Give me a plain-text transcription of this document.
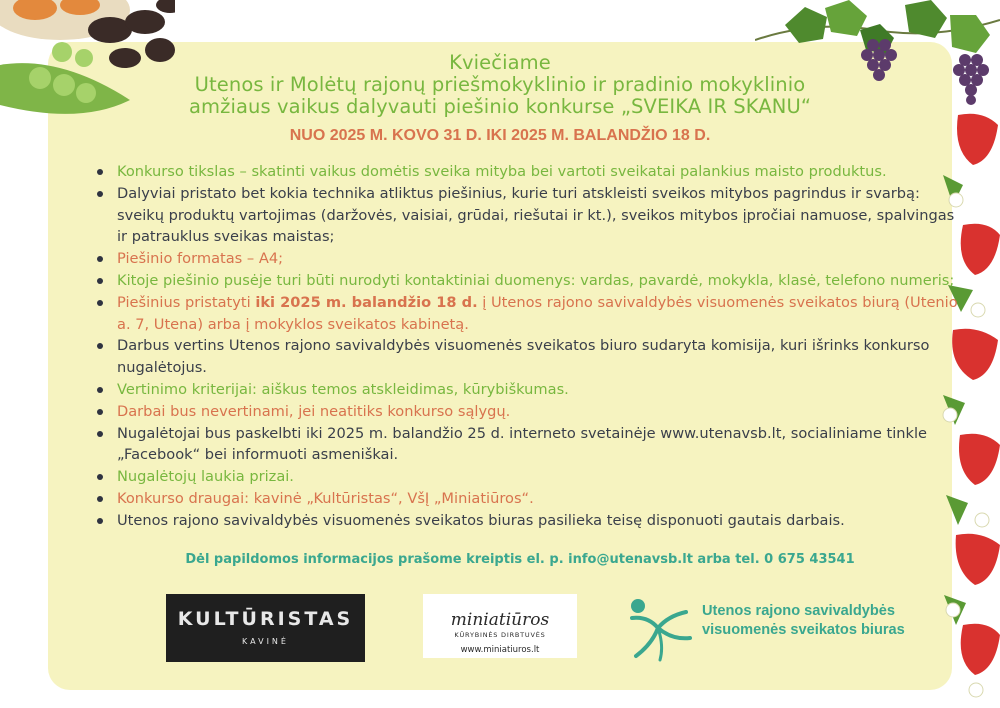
Kviečiame
Utenos ir Molėtų rajonų priešmokyklinio ir pradinio mokyklinio
amžiaus vaikus dalyvauti piešinio konkurse „SVEIKA IR SKANU“
NUO 2025 M. KOVO 31 D. IKI 2025 M. BALANDŽIO 18 D.
Konkurso tikslas – skatinti vaikus domėtis sveika mityba bei vartoti sveikatai palankius maisto produktus.
Dalyviai pristato bet kokia technika atliktus piešinius, kurie turi atskleisti sveikos mitybos pagrindus ir svarbą: sveikų produktų vartojimas (daržovės, vaisiai, grūdai, riešutai ir kt.), sveikos mitybos įpročiai namuose, spalvingas ir patrauklus sveikas maistas;
Piešinio formatas – A4;
Kitoje piešinio pusėje turi būti nurodyti kontaktiniai duomenys: vardas, pavardė, mokykla, klasė, telefono numeris;
Piešinius pristatyti iki 2025 m. balandžio 18 d. į Utenos rajono savivaldybės visuomenės sveikatos biurą (Utenio a. 7, Utena) arba į mokyklos sveikatos kabinetą.
Darbus vertins Utenos rajono savivaldybės visuomenės sveikatos biuro sudaryta komisija, kuri išrinks konkurso nugalėtojus.
Vertinimo kriterijai: aiškus temos atskleidimas, kūrybiškumas.
Darbai bus nevertinami, jei neatitiks konkurso sąlygų.
Nugalėtojai bus paskelbti iki 2025 m. balandžio 25 d. interneto svetainėje www.utenavsb.lt, socialiniame tinkle „Facebook“ bei informuoti asmeniškai.
Nugalėtojų laukia prizai.
Konkurso draugai: kavinė „Kultūristas“, VšĮ „Miniatiūros“.
Utenos rajono savivaldybės visuomenės sveikatos biuras pasilieka teisę disponuoti gautais darbais.
Dėl papildomos informacijos prašome kreiptis el. p. info@utenavsb.lt arba tel. 0 675 43541
KULTŪRISTAS
KAVINĖ
miniatiūros
KŪRYBINĖS DIRBTUVĖS
www.miniatiuros.lt
Utenos rajono savivaldybės
visuomenės sveikatos biuras
